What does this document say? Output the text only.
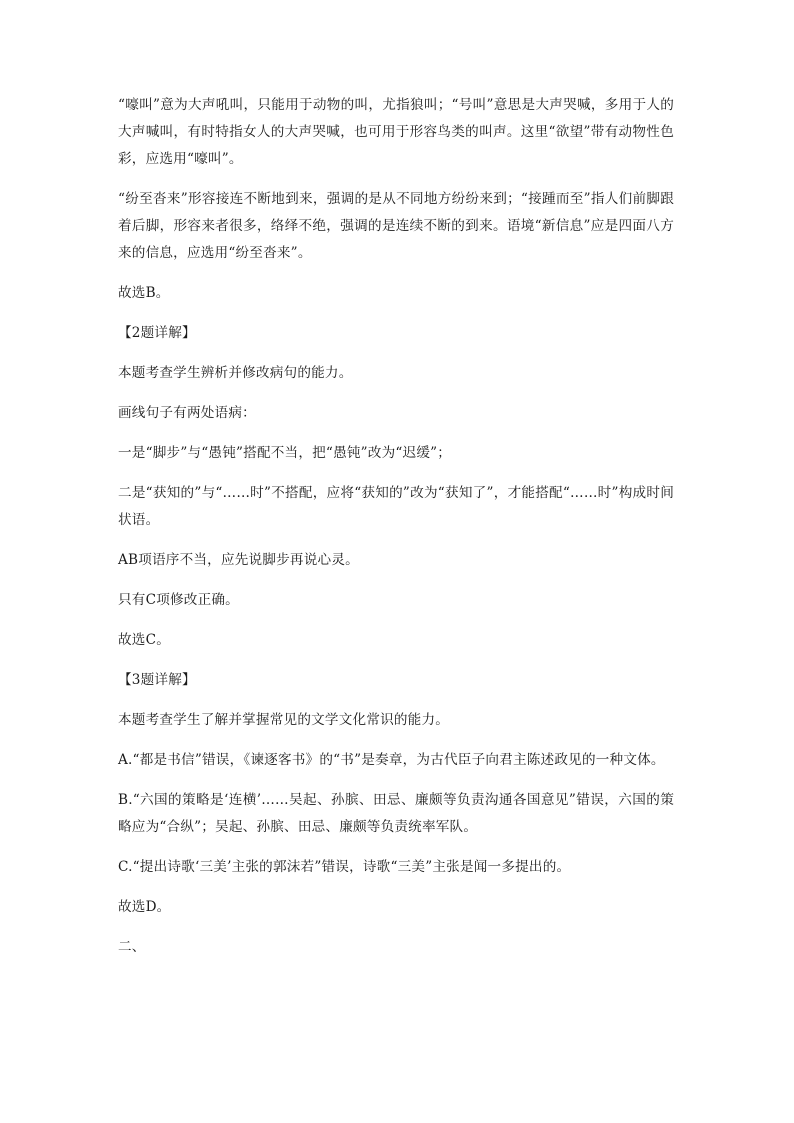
“嚎叫”意为大声吼叫，只能用于动物的叫，尤指狼叫；“号叫”意思是大声哭喊，多用于人的大声喊叫，有时特指女人的大声哭喊，也可用于形容鸟类的叫声。这里“欲望”带有动物性色彩，应选用“嚎叫”。

“纷至沓来”形容接连不断地到来，强调的是从不同地方纷纷来到；“接踵而至”指人们前脚跟着后脚，形容来者很多，络绎不绝，强调的是连续不断的到来。语境“新信息”应是四面八方来的信息，应选用“纷至沓来”。

故选B。

【2题详解】

本题考查学生辨析并修改病句的能力。

画线句子有两处语病：

一是“脚步”与“愚钝”搭配不当，把“愚钝”改为“迟缓”；

二是“获知的”与“……时”不搭配，应将“获知的”改为“获知了”，才能搭配“……时”构成时间状语。

AB项语序不当，应先说脚步再说心灵。

只有C项修改正确。

故选C。

【3题详解】

本题考查学生了解并掌握常见的文学文化常识的能力。

A.“都是书信”错误，《谏逐客书》的“书”是奏章，为古代臣子向君主陈述政见的一种文体。

B.“六国的策略是‘连横’……吴起、孙膑、田忌、廉颇等负责沟通各国意见”错误，六国的策略应为“合纵”；吴起、孙膑、田忌、廉颇等负责统率军队。

C.“提出诗歌‘三美’主张的郭沫若”错误，诗歌“三美”主张是闻一多提出的。

故选D。

二、
